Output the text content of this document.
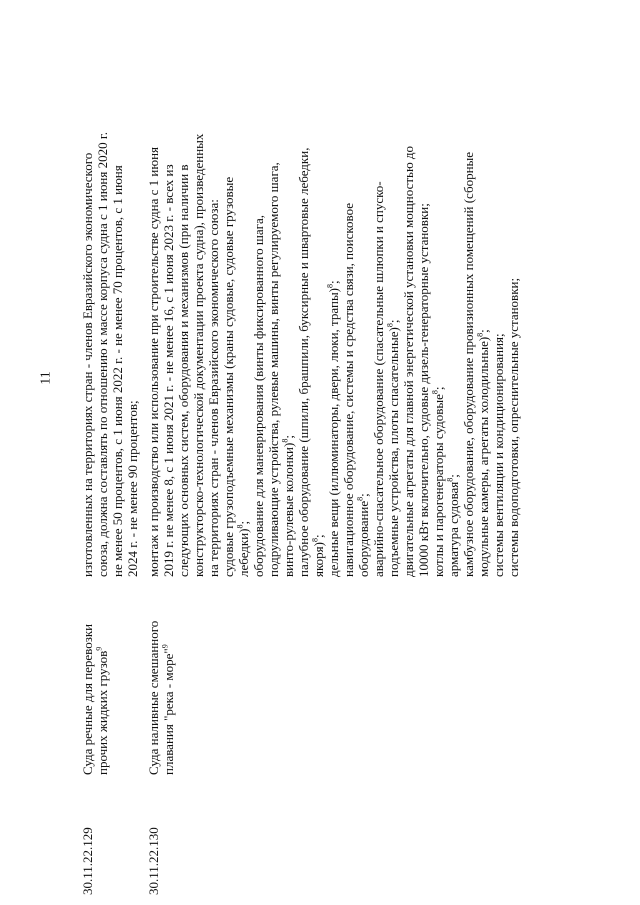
11
30.11.22.129
Суда речные для перевозки прочих жидких грузов$^9$

изготовленных на территориях стран - членов Евразийского экономического союза, должна составлять по отношению к массе корпуса судна с 1 июня 2020 г. не менее 50 процентов, с 1 июня 2022 г. - не менее 70 процентов, с 1 июня 2024 г. - не менее 90 процентов;

30.11.22.130
Суда наливные смешанного плавания "река - море"$^9$

монтаж и производство или использование при строительстве судна с 1 июня 2019 г. не менее 8, с 1 июня 2021 г. - не менее 16, с 1 июня 2023 г. - всех из следующих основных систем, оборудования и механизмов (при наличии в конструкторско-технологической документации проекта судна), произведенных на территориях стран - членов Евразийского экономического союза: судовые грузоподъемные механизмы (краны судовые, судовые грузовые лебедки)$^8$; оборудование для маневрирования (винты фиксированного шага, подруливающие устройства, рулевые машины, винты регулируемого шага, винто-рулевые колонки)$^8$; палубное оборудование (шпили, брашпили, буксирные и швартовые лебедки, якоря)$^8$; дельные вещи (иллюминаторы, двери, люки, трапы)$^8$; навигационное оборудование, системы и средства связи, поисковое оборудование$^8$; аварийно-спасательное оборудование (спасательные шлюпки и спуско- подъемные устройства, плоты спасательные)$^8$; двигательные агрегаты для главной энергетической установки мощностью до 10000 кВт включительно, судовые дизель-генераторные установки; котлы и парогенераторы судовые$^8$;

арматура судовая$^8$; камбузное оборудование, оборудование провизионных помещений (сборные модульные камеры, агрегаты холодильные)$^8$;

системы вентиляции и кондиционирования; системы водоподготовки, опреснительные установки;
